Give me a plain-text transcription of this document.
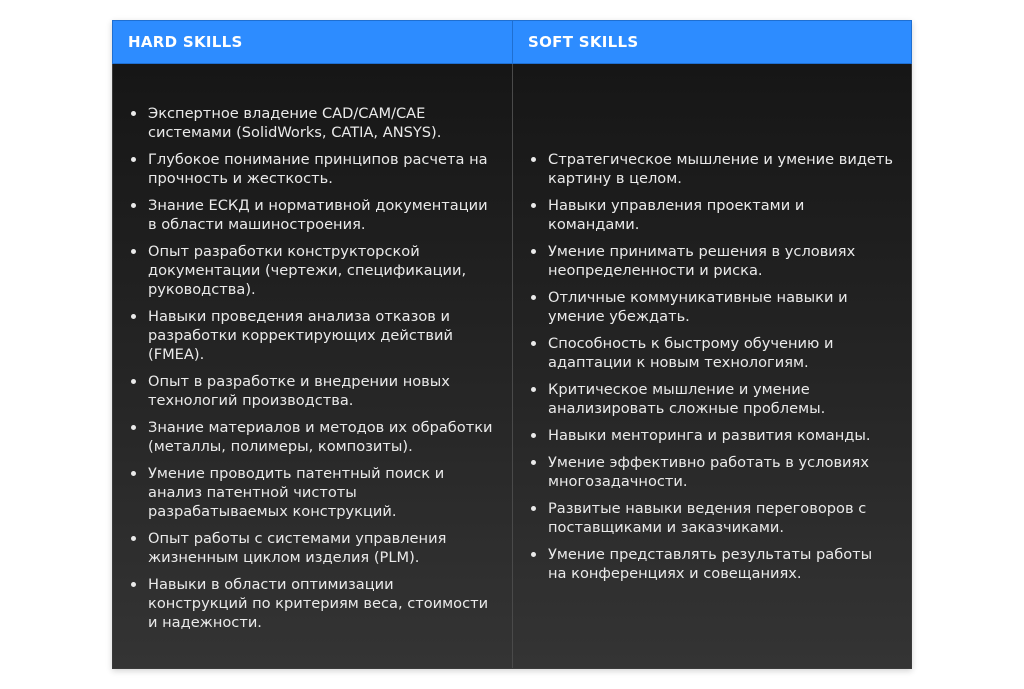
HARD SKILLS	SOFT SKILLS
Экспертное владение CAD/CAM/CAE системами (SolidWorks, CATIA, ANSYS).
Глубокое понимание принципов расчета на прочность и жесткость.
Знание ЕСКД и нормативной документации в области машиностроения.
Опыт разработки конструкторской документации (чертежи, спецификации, руководства).
Навыки проведения анализа отказов и разработки корректирующих действий (FMEA).
Опыт в разработке и внедрении новых технологий производства.
Знание материалов и методов их обработки (металлы, полимеры, композиты).
Умение проводить патентный поиск и анализ патентной чистоты разрабатываемых конструкций.
Опыт работы с системами управления жизненным циклом изделия (PLM).
Навыки в области оптимизации конструкций по критериям веса, стоимости и надежности.
Стратегическое мышление и умение видеть картину в целом.
Навыки управления проектами и командами.
Умение принимать решения в условиях неопределенности и риска.
Отличные коммуникативные навыки и умение убеждать.
Способность к быстрому обучению и адаптации к новым технологиям.
Критическое мышление и умение анализировать сложные проблемы.
Навыки менторинга и развития команды.
Умение эффективно работать в условиях многозадачности.
Развитые навыки ведения переговоров с поставщиками и заказчиками.
Умение представлять результаты работы на конференциях и совещаниях.
